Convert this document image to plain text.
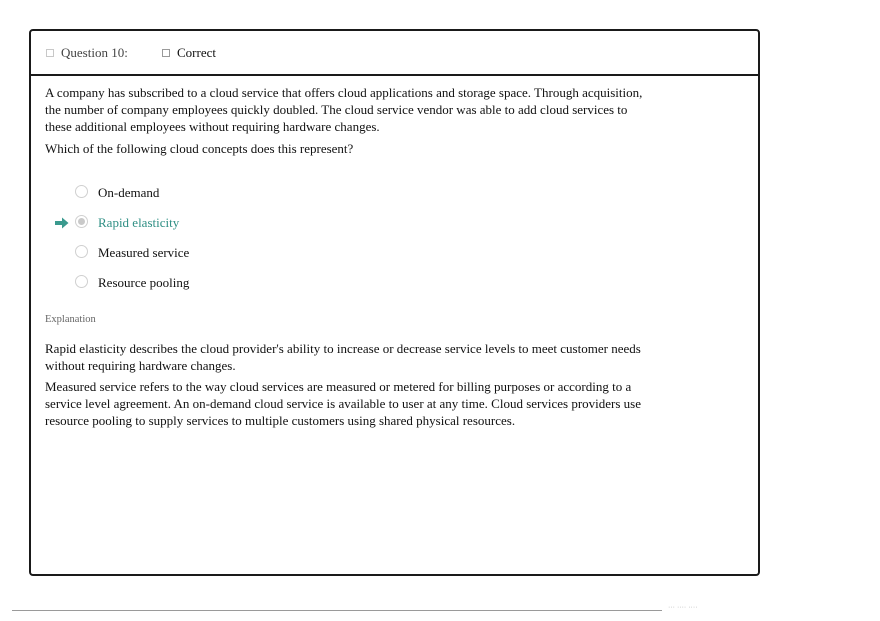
Question 10:	Correct
A company has subscribed to a cloud service that offers cloud applications and storage space. Through acquisition, the number of company employees quickly doubled. The cloud service vendor was able to add cloud services to these additional employees without requiring hardware changes.
Which of the following cloud concepts does this represent?
On-demand
Rapid elasticity
Measured service
Resource pooling
Explanation
Rapid elasticity describes the cloud provider's ability to increase or decrease service levels to meet customer needs without requiring hardware changes.
Measured service refers to the way cloud services are measured or metered for billing purposes or according to a service level agreement. An on-demand cloud service is available to user at any time. Cloud services providers use resource pooling to supply services to multiple customers using shared physical resources.
··· ···· ····
